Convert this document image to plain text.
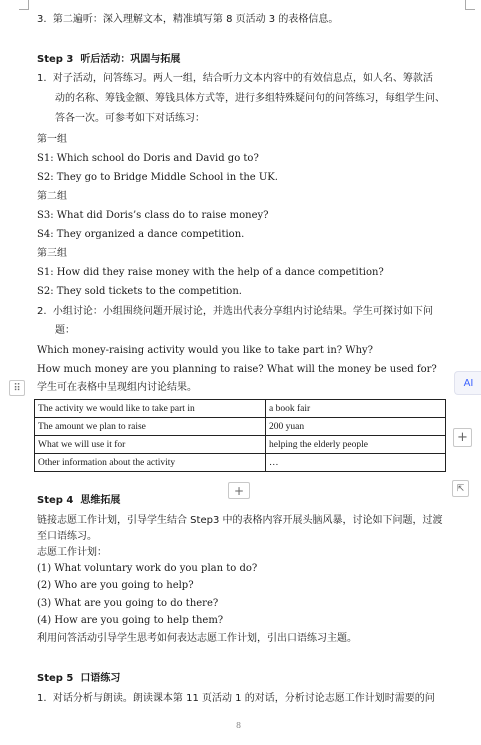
3.  第二遍听：深入理解文本，精准填写第 8 页活动 3 的表格信息。
Step 3  听后活动：巩固与拓展
1.  对子活动，问答练习。两人一组，结合听力文本内容中的有效信息点，如人名、筹款活
动的名称、筹钱金额、筹钱具体方式等，进行多组特殊疑问句的问答练习，每组学生问、
答各一次。可参考如下对话练习：
第一组
S1: Which school do Doris and David go to?
S2: They go to Bridge Middle School in the UK.
第二组
S3: What did Doris’s class do to raise money?
S4: They organized a dance competition.
第三组
S1: How did they raise money with the help of a dance competition?
S2: They sold tickets to the competition.
2.  小组讨论：小组围绕问题开展讨论，并选出代表分享组内讨论结果。学生可探讨如下问
题：
Which money-raising activity would you like to take part in? Why?
How much money are you planning to raise? What will the money be used for?
学生可在表格中呈现组内讨论结果。
⠿
The activity we would like to take part in	a book fair
The amount we plan to raise	200 yuan
What we will use it for	helping the elderly people
Other information about the activity	…
AI
+
+	⇱
Step 4  思维拓展
链接志愿工作计划，引导学生结合 Step3 中的表格内容开展头脑风暴，讨论如下问题，过渡
至口语练习。
志愿工作计划：
(1) What voluntary work do you plan to do?
(2) Who are you going to help?
(3) What are you going to do there?
(4) How are you going to help them?
利用问答活动引导学生思考如何表达志愿工作计划，引出口语练习主题。
Step 5  口语练习
1.  对话分析与朗读。朗读课本第 11 页活动 1 的对话，分析讨论志愿工作计划时需要的问
8
